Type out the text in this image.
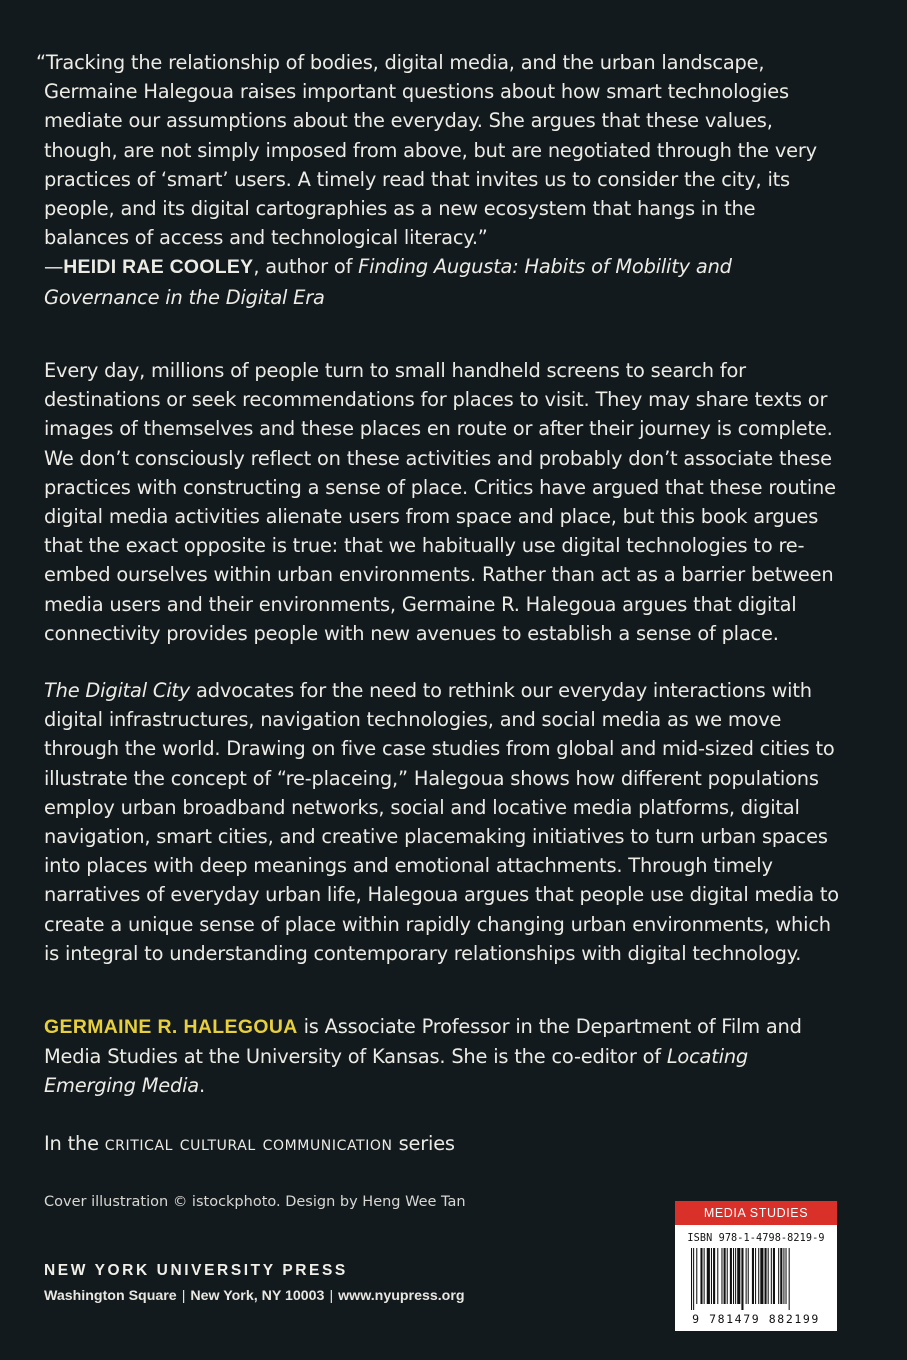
“Tracking the relationship of bodies, digital media, and the urban landscape, Germaine Halegoua raises important questions about how smart technologies mediate our assumptions about the everyday. She argues that these values, though, are not simply imposed from above, but are negotiated through the very practices of ‘smart’ users. A timely read that invites us to consider the city, its people, and its digital cartographies as a new ecosystem that hangs in the balances of access and technological literacy.”
—HEIDI RAE COOLEY, author of Finding Augusta: Habits of Mobility and Governance in the Digital Era
Every day, millions of people turn to small handheld screens to search for destinations or seek recommendations for places to visit. They may share texts or images of themselves and these places en route or after their journey is complete. We don’t consciously reflect on these activities and probably don’t associate these practices with constructing a sense of place. Critics have argued that these routine digital media activities alienate users from space and place, but this book argues that the exact opposite is true: that we habitually use digital technologies to re-embed ourselves within urban environments. Rather than act as a barrier between media users and their environments, Germaine R. Halegoua argues that digital connectivity provides people with new avenues to establish a sense of place.
The Digital City advocates for the need to rethink our everyday interactions with digital infrastructures, navigation technologies, and social media as we move through the world. Drawing on five case studies from global and mid-sized cities to illustrate the concept of “re-placeing,” Halegoua shows how different populations employ urban broadband networks, social and locative media platforms, digital navigation, smart cities, and creative placemaking initiatives to turn urban spaces into places with deep meanings and emotional attachments. Through timely narratives of everyday urban life, Halegoua argues that people use digital media to create a unique sense of place within rapidly changing urban environments, which is integral to understanding contemporary relationships with digital technology.
GERMAINE R. HALEGOUA is Associate Professor in the Department of Film and Media Studies at the University of Kansas. She is the co-editor of Locating Emerging Media.
In the critical cultural communication series
Cover illustration © istockphoto. Design by Heng Wee Tan
NEW YORK UNIVERSITY PRESS
Washington Square | New York, NY 10003 | www.nyupress.org
MEDIA STUDIES
ISBN 978-1-4798-8219-9
9 781479 882199
